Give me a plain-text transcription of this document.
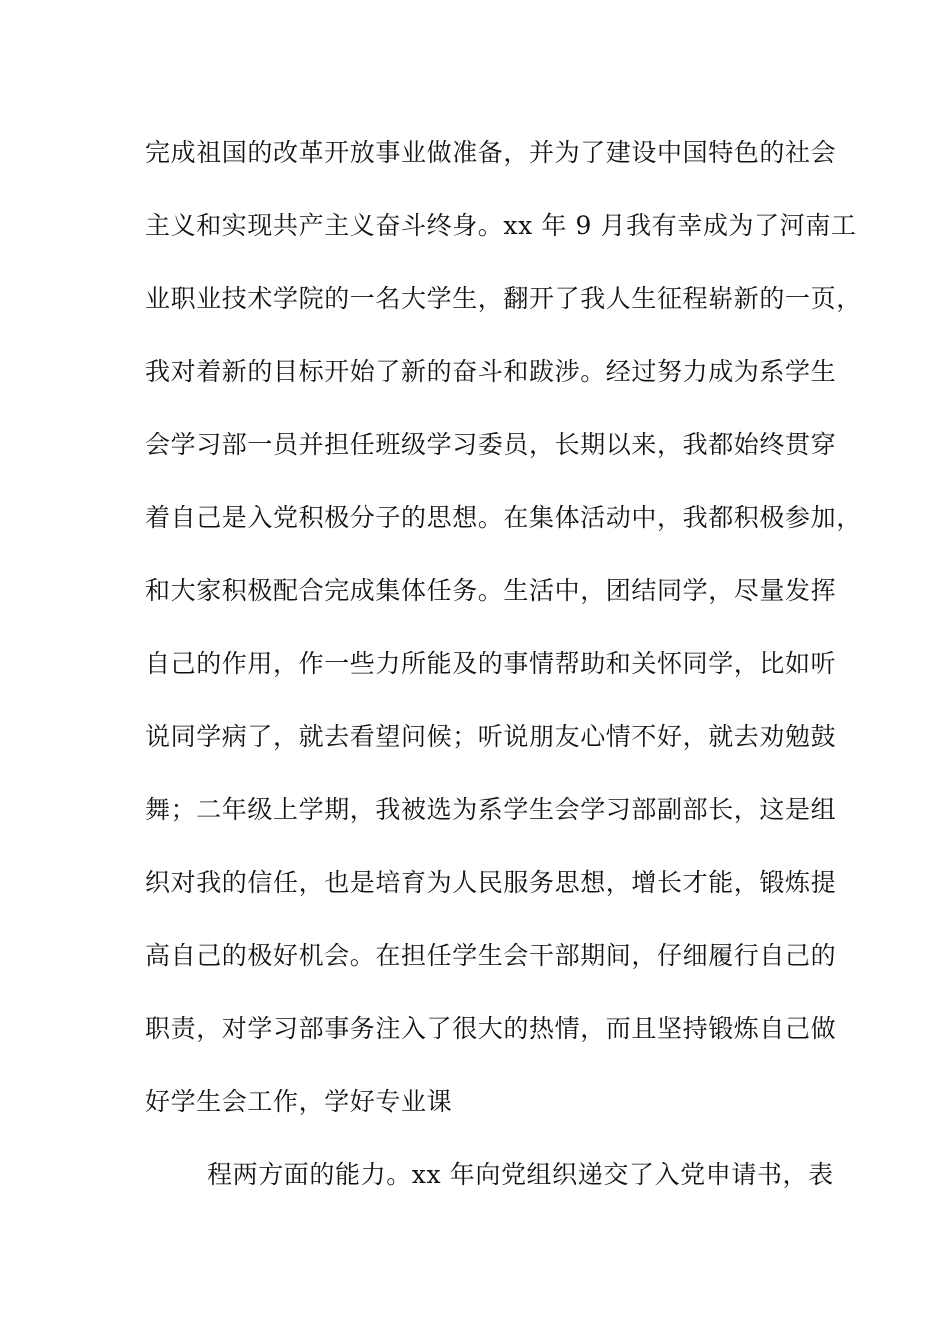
完成祖国的改革开放事业做准备，并为了建设中国特色的社会
主义和实现共产主义奋斗终身。xx 年 9 月我有幸成为了河南工
业职业技术学院的一名大学生，翻开了我人生征程崭新的一页，
我对着新的目标开始了新的奋斗和跋涉。经过努力成为系学生
会学习部一员并担任班级学习委员，长期以来，我都始终贯穿
着自己是入党积极分子的思想。在集体活动中，我都积极参加，
和大家积极配合完成集体任务。生活中，团结同学，尽量发挥
自己的作用，作一些力所能及的事情帮助和关怀同学，比如听
说同学病了，就去看望问候；听说朋友心情不好，就去劝勉鼓
舞；二年级上学期，我被选为系学生会学习部副部长，这是组
织对我的信任，也是培育为人民服务思想，增长才能，锻炼提
高自己的极好机会。在担任学生会干部期间，仔细履行自己的
职责，对学习部事务注入了很大的热情，而且坚持锻炼自己做
好学生会工作，学好专业课
程两方面的能力。xx 年向党组织递交了入党申请书，表
